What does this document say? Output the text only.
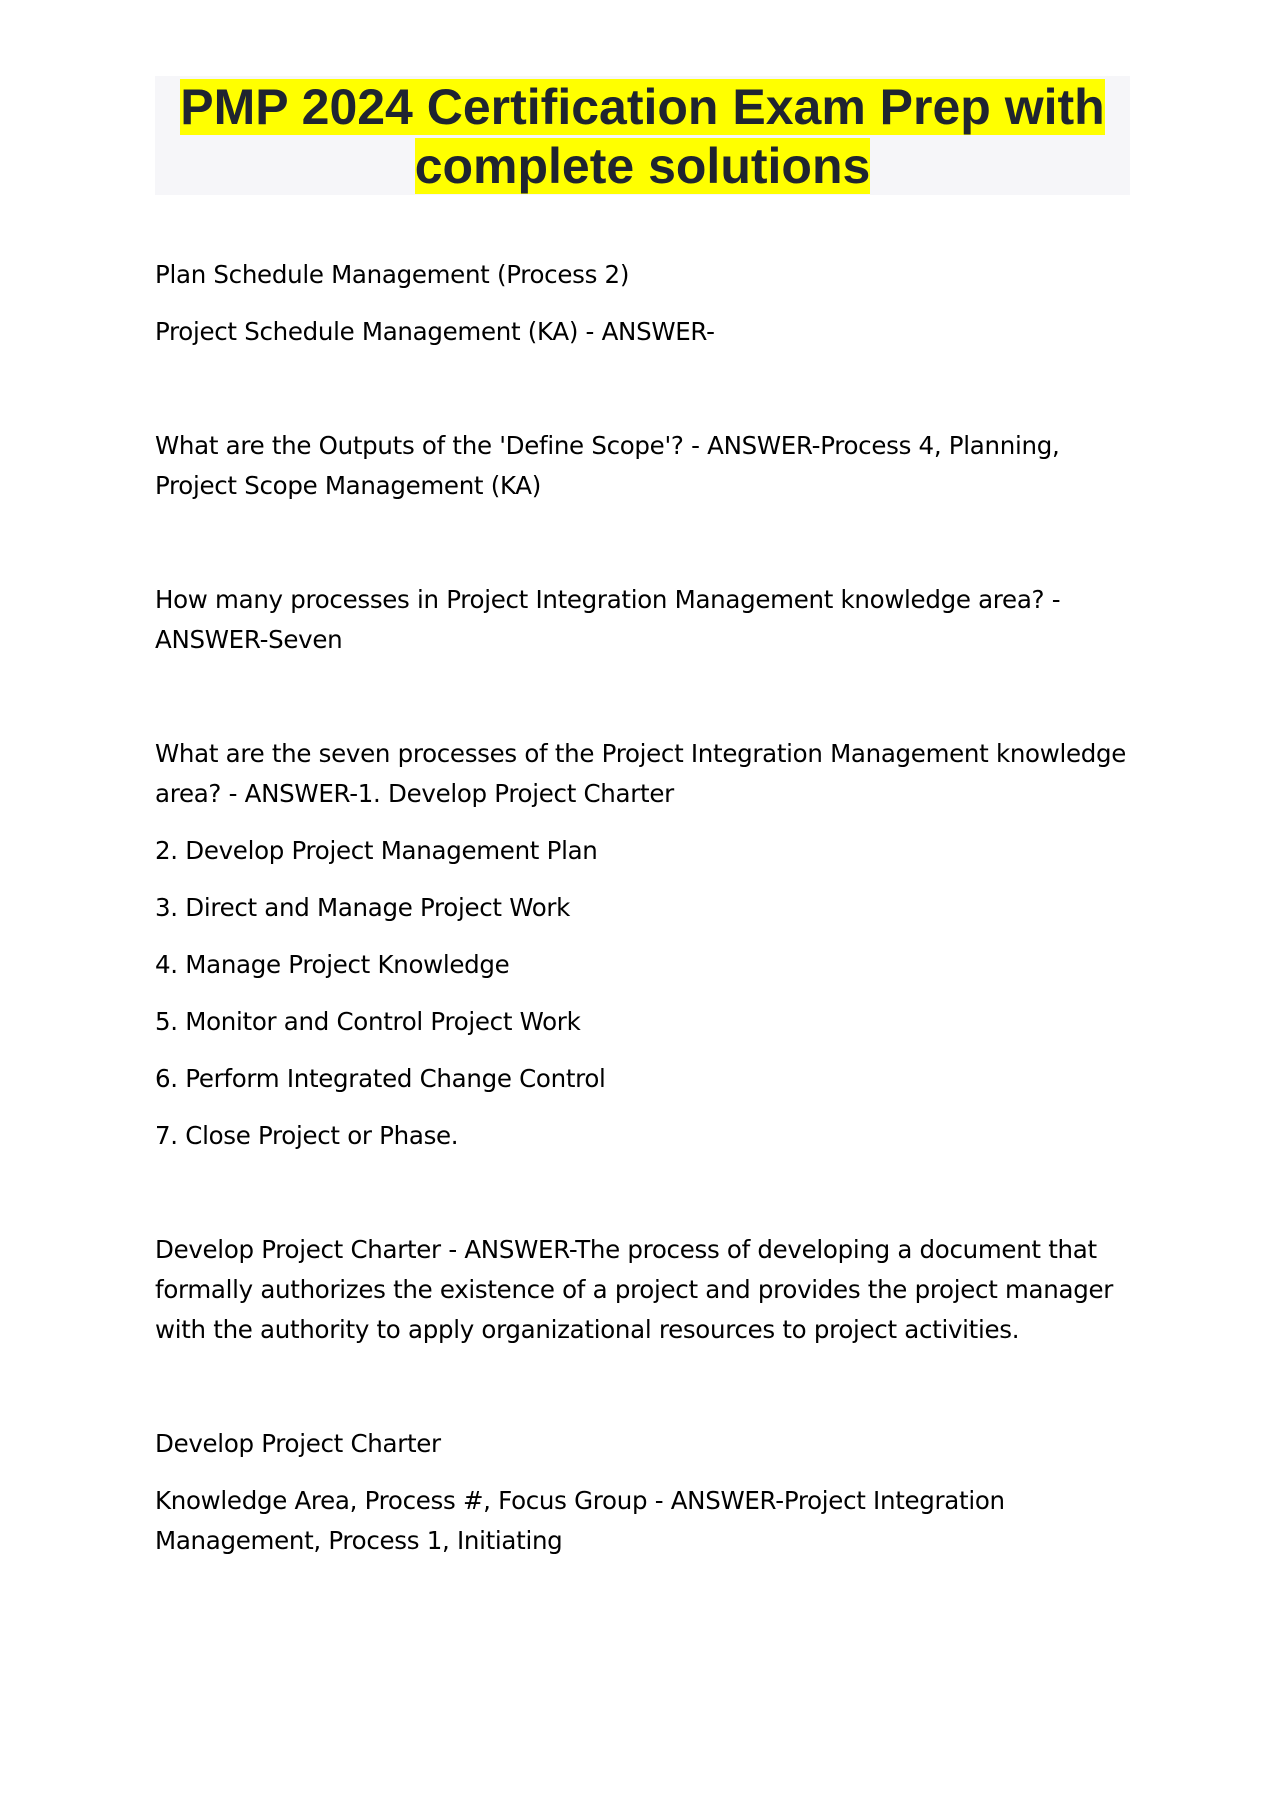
PMP 2024 Certification Exam Prep with
complete solutions

Plan Schedule Management (Process 2)

Project Schedule Management (KA) - ANSWER-

What are the Outputs of the 'Define Scope'? - ANSWER-Process 4, Planning, Project Scope Management (KA)

How many processes in Project Integration Management knowledge area? - ANSWER-Seven

What are the seven processes of the Project Integration Management knowledge area? - ANSWER-1. Develop Project Charter

2. Develop Project Management Plan

3. Direct and Manage Project Work

4. Manage Project Knowledge

5. Monitor and Control Project Work

6. Perform Integrated Change Control

7. Close Project or Phase.

Develop Project Charter - ANSWER-The process of developing a document that formally authorizes the existence of a project and provides the project manager with the authority to apply organizational resources to project activities.

Develop Project Charter

Knowledge Area, Process #, Focus Group - ANSWER-Project Integration Management, Process 1, Initiating
